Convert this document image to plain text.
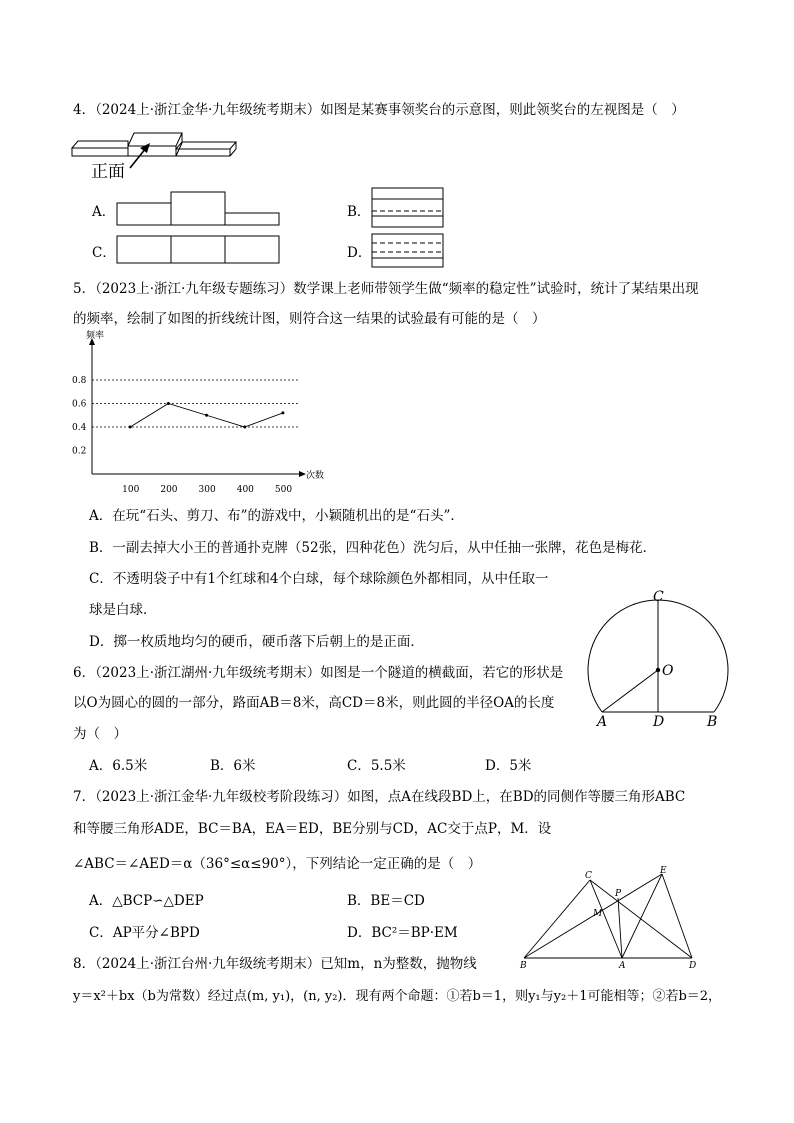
4．（2024上·浙江金华·九年级统考期末）如图是某赛事领奖台的示意图，则此领奖台的左视图是（　）
正面
A．	B．
C．	D．
5．（2023上·浙江·九年级专题练习）数学课上老师带领学生做“频率的稳定性”试验时，统计了某结果出现
的频率，绘制了如图的折线统计图，则符合这一结果的试验最有可能的是（　）
0.8
0.6
0.4
0.2
100 200 300 400 500
频率
次数
A．在玩“石头、剪刀、布”的游戏中，小颖随机出的是“石头”．
B．一副去掉大小王的普通扑克牌（52张，四种花色）洗匀后，从中任抽一张牌，花色是梅花．
C．不透明袋子中有1个红球和4个白球，每个球除颜色外都相同，从中任取一
球是白球．
D．掷一枚质地均匀的硬币，硬币落下后朝上的是正面．
6．（2023上·浙江湖州·九年级统考期末）如图是一个隧道的横截面，若它的形状是
以O为圆心的圆的一部分，路面AB＝8米，高CD＝8米，则此圆的半径OA的长度
为（　）
C
O
A	D	B
A．6.5米	B．6米	C．5.5米	D．5米
7．（2023上·浙江金华·九年级校考阶段练习）如图，点A在线段BD上，在BD的同侧作等腰三角形ABC
和等腰三角形ADE，BC＝BA，EA＝ED，BE分别与CD，AC交于点P，M．设
∠ABC＝∠AED＝α（36°≤α≤90°），下列结论一定正确的是（　）
A．△BCP∽△DEP	B．BE＝CD
C．AP平分∠BPD	D．BC²＝BP·EM
C
P
E
M
B	A	D
8．（2024上·浙江台州·九年级统考期末）已知m，n为整数，抛物线
y＝x²＋bx（b为常数）经过点(m, y₁)，(n, y₂)．现有两个命题：①若b＝1，则y₁与y₂＋1可能相等；②若b＝2，
